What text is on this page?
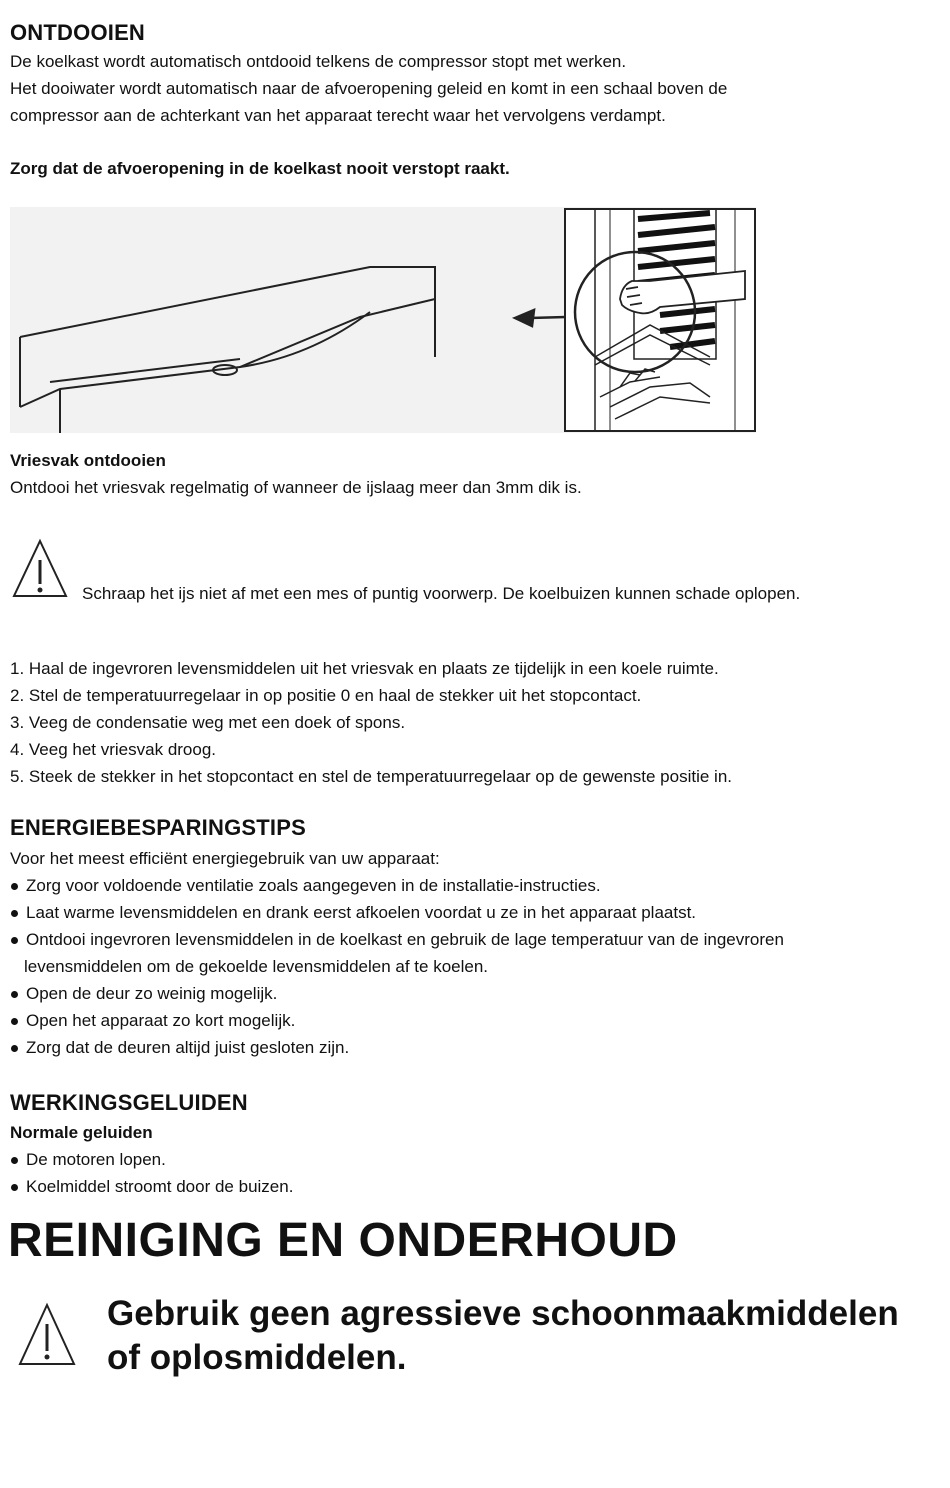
ONTDOOIEN
De koelkast wordt automatisch ontdooid telkens de compressor stopt met werken.
Het dooiwater wordt automatisch naar de afvoeropening geleid en komt in een schaal boven de
compressor aan de achterkant van het apparaat terecht waar het vervolgens verdampt.
Zorg dat de afvoeropening in de koelkast nooit verstopt raakt.
Vriesvak ontdooien
Ontdooi het vriesvak regelmatig of wanneer de ijslaag meer dan 3mm dik is.
Schraap het ijs niet af met een mes of puntig voorwerp. De koelbuizen kunnen schade oplopen.
1. Haal de ingevroren levensmiddelen uit het vriesvak en plaats ze tijdelijk in een koele ruimte.
2. Stel de temperatuurregelaar in op positie 0 en haal de stekker uit het stopcontact.
3. Veeg de condensatie weg met een doek of spons.
4. Veeg het vriesvak droog.
5. Steek de stekker in het stopcontact en stel de temperatuurregelaar op de gewenste positie in.
ENERGIEBESPARINGSTIPS
Voor het meest efficiënt energiegebruik van uw apparaat:
Zorg voor voldoende ventilatie zoals aangegeven in de installatie-instructies.
Laat warme levensmiddelen en drank eerst afkoelen voordat u ze in het apparaat plaatst.
Ontdooi ingevroren levensmiddelen in de koelkast en gebruik de lage temperatuur van de ingevroren
levensmiddelen om de gekoelde levensmiddelen af te koelen.
Open de deur zo weinig mogelijk.
Open het apparaat zo kort mogelijk.
Zorg dat de deuren altijd juist gesloten zijn.
WERKINGSGELUIDEN
Normale geluiden
De motoren lopen.
Koelmiddel stroomt door de buizen.
REINIGING EN ONDERHOUD
Gebruik geen agressieve schoonmaakmiddelen
of oplosmiddelen.
